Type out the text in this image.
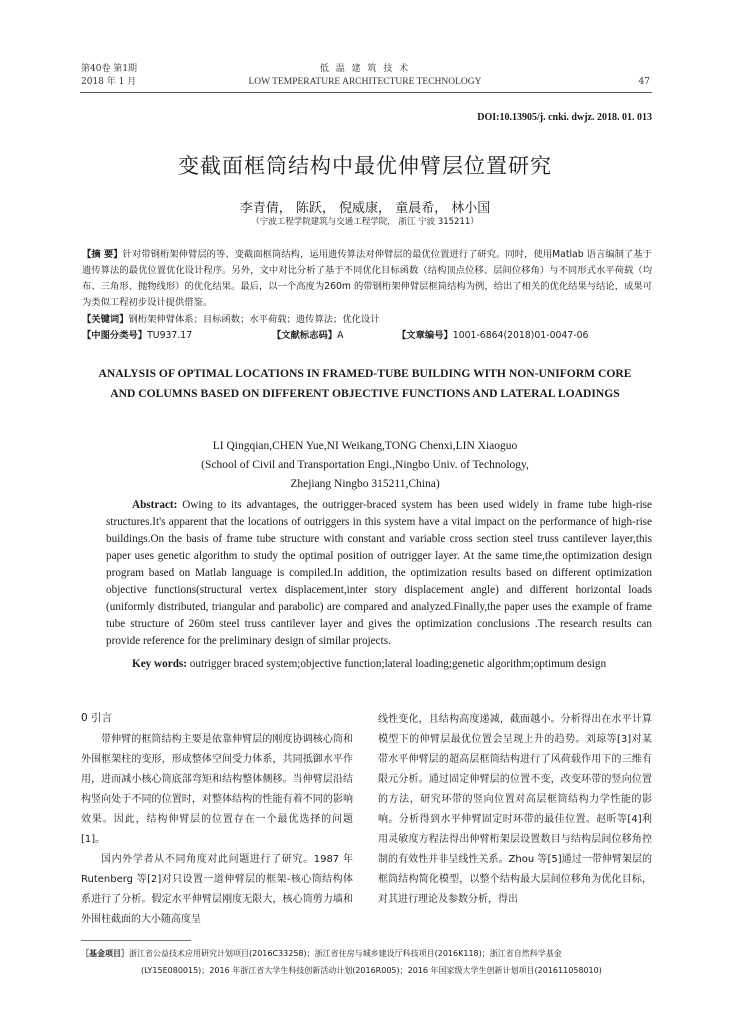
第40卷 第1期
2018 年 1 月
低 温 建 筑 技 术
LOW TEMPERATURE ARCHITECTURE TECHNOLOGY	47
DOI:10.13905/j. cnki. dwjz. 2018. 01. 013
变截面框筒结构中最优伸臂层位置研究
李青倩， 陈跃， 倪威康， 童晨希， 林小国
（宁波工程学院建筑与交通工程学院， 浙江 宁波 315211）
【摘 要】针对带钢桁架伸臂层的等、变截面框筒结构，运用遗传算法对伸臂层的最优位置进行了研究。同时，使用Matlab 语言编制了基于遗传算法的最优位置优化设计程序。另外，文中对比分析了基于不同优化目标函数（结构顶点位移、层间位移角）与不同形式水平荷载（均布、三角形、抛物线形）的优化结果。最后，以一个高度为260m 的带钢桁架伸臂层框筒结构为例，给出了相关的优化结果与结论，成果可为类似工程初步设计提供借鉴。
【关键词】钢桁架伸臂体系；目标函数；水平荷载；遗传算法；优化设计
【中图分类号】TU937.17	【文献标志码】A	【文章编号】1001-6864(2018)01-0047-06
ANALYSIS OF OPTIMAL LOCATIONS IN FRAMED-TUBE BUILDING WITH NON-UNIFORM CORE AND COLUMNS BASED ON DIFFERENT OBJECTIVE FUNCTIONS AND LATERAL LOADINGS
LI Qingqian,CHEN Yue,NI Weikang,TONG Chenxi,LIN Xiaoguo
(School of Civil and Transportation Engi.,Ningbo Univ. of Technology,
Zhejiang Ningbo 315211,China)
Abstract: Owing to its advantages, the outrigger-braced system has been used widely in frame tube high-rise structures.It's apparent that the locations of outriggers in this system have a vital impact on the performance of high-rise buildings.On the basis of frame tube structure with constant and variable cross section steel truss cantilever layer,this paper uses genetic algorithm to study the optimal position of outrigger layer. At the same time,the optimization design program based on Matlab language is compiled.In addition, the optimization results based on different optimization objective functions(structural vertex displacement,inter story displacement angle) and different horizontal loads (uniformly distributed, triangular and parabolic) are compared and analyzed.Finally,the paper uses the example of frame tube structure of 260m steel truss cantilever layer and gives the optimization conclusions .The research results can provide reference for the preliminary design of similar projects.
Key words: outrigger braced system;objective function;lateral loading;genetic algorithm;optimum design
0 引言

带伸臂的框筒结构主要是依靠伸臂层的刚度协调核心筒和外围框架柱的变形，形成整体空间受力体系，共同抵御水平作用，进而减小核心筒底部弯矩和结构整体侧移。当伸臂层沿结构竖向处于不同的位置时，对整体结构的性能有着不同的影响效果。因此，结构伸臂层的位置存在一个最优选择的问题[1]。

国内外学者从不同角度对此问题进行了研究。1987 年 Rutenberg 等[2]对只设置一道伸臂层的框架-核心筒结构体系进行了分析。假定水平伸臂层刚度无限大，核心筒剪力墙和外围柱截面的大小随高度呈

线性变化，且结构高度递减，截面越小。分析得出在水平计算模型下的伸臂层最优位置会呈现上升的趋势。刘琼等[3]对某带水平伸臂层的超高层框筒结构进行了风荷载作用下的三维有限元分析。通过固定伸臂层的位置不变，改变环带的竖向位置的方法，研究环带的竖向位置对高层框筒结构力学性能的影响。分析得到水平伸臂固定时环带的最佳位置。赵昕等[4]利用灵敏度方程法得出伸臂桁架层设置数目与结构层间位移角控制的有效性并非呈线性关系。Zhou 等[5]通过一带伸臂架层的框筒结构简化模型，以整个结构最大层间位移角为优化目标，对其进行理论及参数分析，得出

［基金项目］浙江省公益技术应用研究计划项目(2016C33258)；浙江省住房与城乡建设厅科技项目(2016K118)；浙江省自然科学基金

(LY15E080015)；2016 年浙江省大学生科技创新活动计划(2016R005)；2016 年国家级大学生创新计划项目(201611058010)
